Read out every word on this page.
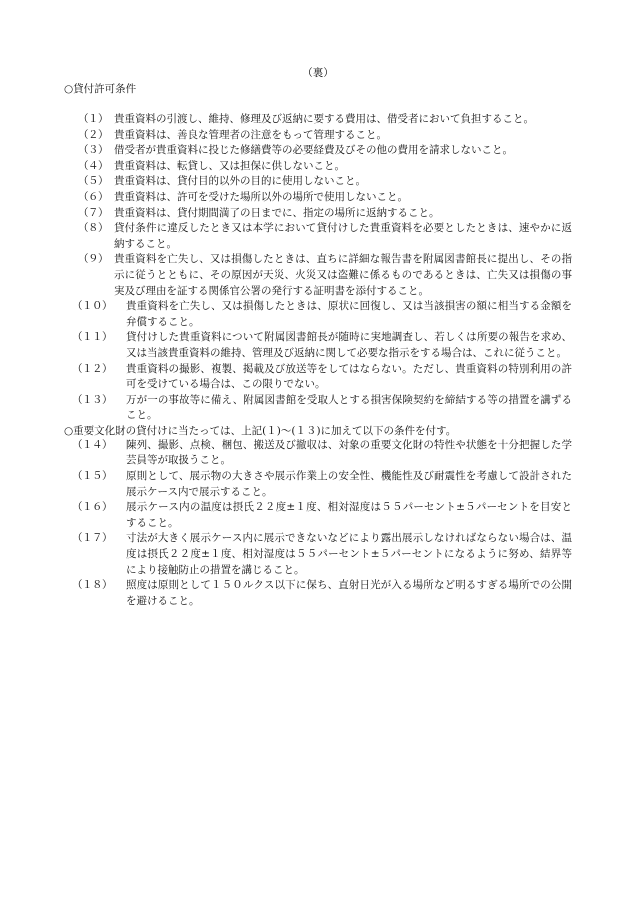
（裏）
○貸付許可条件
（１） 貴重資料の引渡し、維持、修理及び返納に要する費用は、借受者において負担すること。
（２） 貴重資料は、善良な管理者の注意をもって管理すること。
（３） 借受者が貴重資料に投じた修繕費等の必要経費及びその他の費用を請求しないこと。
（４） 貴重資料は、転貸し、又は担保に供しないこと。
（５） 貴重資料は、貸付目的以外の目的に使用しないこと。
（６） 貴重資料は、許可を受けた場所以外の場所で使用しないこと。
（７） 貴重資料は、貸付期間満了の日までに、指定の場所に返納すること。
（８） 貸付条件に違反したとき又は本学において貸付けした貴重資料を必要としたときは、速やかに返納すること。
（９） 貴重資料を亡失し、又は損傷したときは、直ちに詳細な報告書を附属図書館長に提出し、その指示に従うとともに、その原因が天災、火災又は盗難に係るものであるときは、亡失又は損傷の事実及び理由を証する関係官公署の発行する証明書を添付すること。
（１０）	貴重資料を亡失し、又は損傷したときは、原状に回復し、又は当該損害の額に相当する金額を弁償すること。
（１１）	貸付けした貴重資料について附属図書館長が随時に実地調査し、若しくは所要の報告を求め、又は当該貴重資料の維持、管理及び返納に関して必要な指示をする場合は、これに従うこと。
（１２）	貴重資料の撮影、複製、掲載及び放送等をしてはならない。ただし、貴重資料の特別利用の許可を受けている場合は、この限りでない。
（１３）	万が一の事故等に備え、附属図書館を受取人とする損害保険契約を締結する等の措置を講ずること。
○重要文化財の貸付けに当たっては、上記(１)～(１３)に加えて以下の条件を付す。
（１４）	陳列、撮影、点検、梱包、搬送及び撤収は、対象の重要文化財の特性や状態を十分把握した学芸員等が取扱うこと。
（１５）	原則として、展示物の大きさや展示作業上の安全性、機能性及び耐震性を考慮して設計された展示ケース内で展示すること。
（１６）	展示ケース内の温度は摂氏２２度±１度、相対湿度は５５パーセント±５パーセントを目安とすること。
（１７）	寸法が大きく展示ケース内に展示できないなどにより露出展示しなければならない場合は、温度は摂氏２２度±１度、相対湿度は５５パーセント±５パーセントになるように努め、結界等により接触防止の措置を講じること。
（１８）	照度は原則として１５０ルクス以下に保ち、直射日光が入る場所など明るすぎる場所での公開を避けること。
